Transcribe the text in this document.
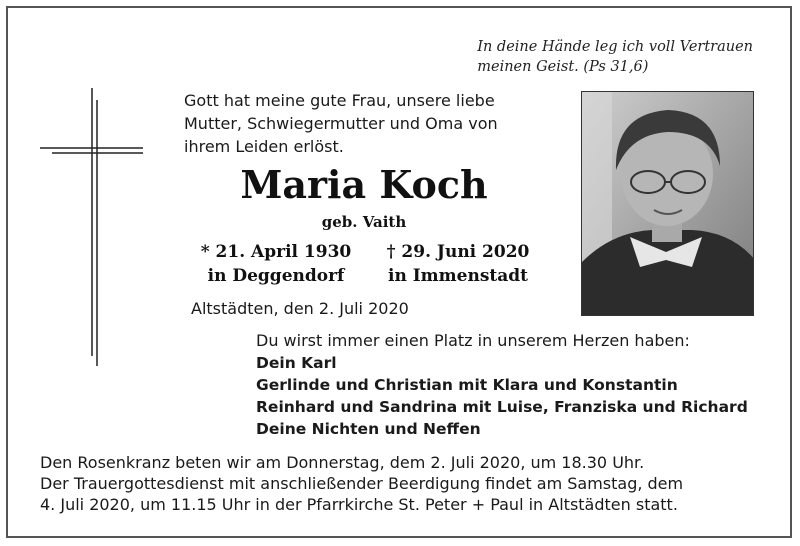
In deine Hände leg ich voll Vertrauen
meinen Geist. (Ps 31,6)
Gott hat meine gute Frau, unsere liebe
Mutter, Schwiegermutter und Oma von
ihrem Leiden erlöst.
Maria Koch
geb. Vaith
* 21. April 1930
in Deggendorf
† 29. Juni 2020
in Immenstadt
Altstädten, den 2. Juli 2020
Du wirst immer einen Platz in unserem Herzen haben:
Dein Karl
Gerlinde und Christian mit Klara und Konstantin
Reinhard und Sandrina mit Luise, Franziska und Richard
Deine Nichten und Neffen
Den Rosenkranz beten wir am Donnerstag, dem 2. Juli 2020, um 18.30 Uhr.
Der Trauergottesdienst mit anschließender Beerdigung findet am Samstag, dem
4. Juli 2020, um 11.15 Uhr in der Pfarrkirche St. Peter + Paul in Altstädten statt.
